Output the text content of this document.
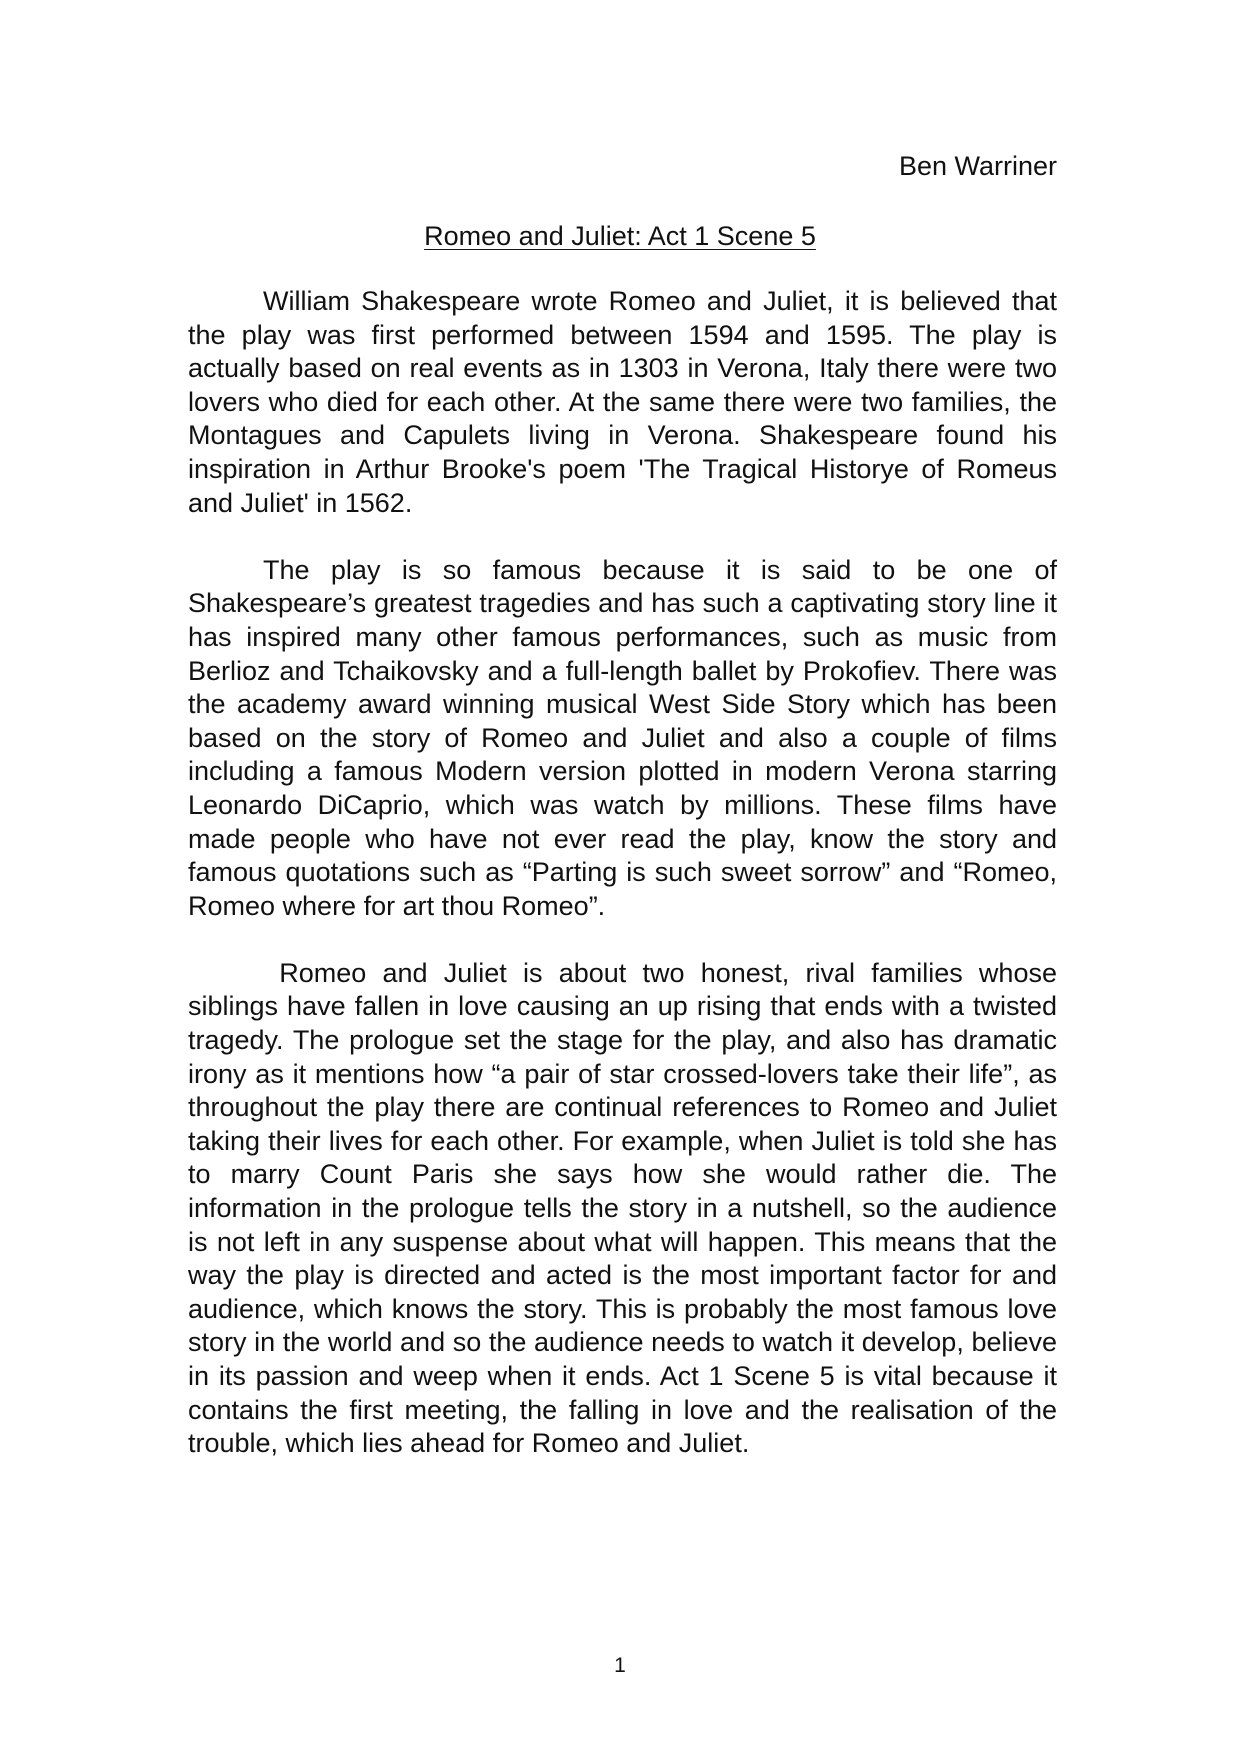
Ben Warriner

Romeo and Juliet: Act 1 Scene 5

William Shakespeare wrote Romeo and Juliet, it is believed that the play was first performed between 1594 and 1595. The play is actually based on real events as in 1303 in Verona, Italy there were two lovers who died for each other. At the same there were two families, the Montagues and Capulets living in Verona. Shakespeare found his inspiration in Arthur Brooke's poem 'The Tragical Historye of Romeus and Juliet' in 1562.

The play is so famous because it is said to be one of Shakespeare’s greatest tragedies and has such a captivating story line it has inspired many other famous performances, such as music from Berlioz and Tchaikovsky and a full-length ballet by Prokofiev. There was the academy award winning musical West Side Story which has been based on the story of Romeo and Juliet and also a couple of films including a famous Modern version plotted in modern Verona starring Leonardo DiCaprio, which was watch by millions. These films have made people who have not ever read the play, know the story and famous quotations such as “Parting is such sweet sorrow” and “Romeo, Romeo where for art thou Romeo”.

Romeo and Juliet is about two honest, rival families whose siblings have fallen in love causing an up rising that ends with a twisted tragedy. The prologue set the stage for the play, and also has dramatic irony as it mentions how “a pair of star crossed-lovers take their life”, as throughout the play there are continual references to Romeo and Juliet taking their lives for each other. For example, when Juliet is told she has to marry Count Paris she says how she would rather die. The information in the prologue tells the story in a nutshell, so the audience is not left in any suspense about what will happen. This means that the way the play is directed and acted is the most important factor for and audience, which knows the story. This is probably the most famous love story in the world and so the audience needs to watch it develop, believe in its passion and weep when it ends. Act 1 Scene 5 is vital because it contains the first meeting, the falling in love and the realisation of the trouble, which lies ahead for Romeo and Juliet.

1
